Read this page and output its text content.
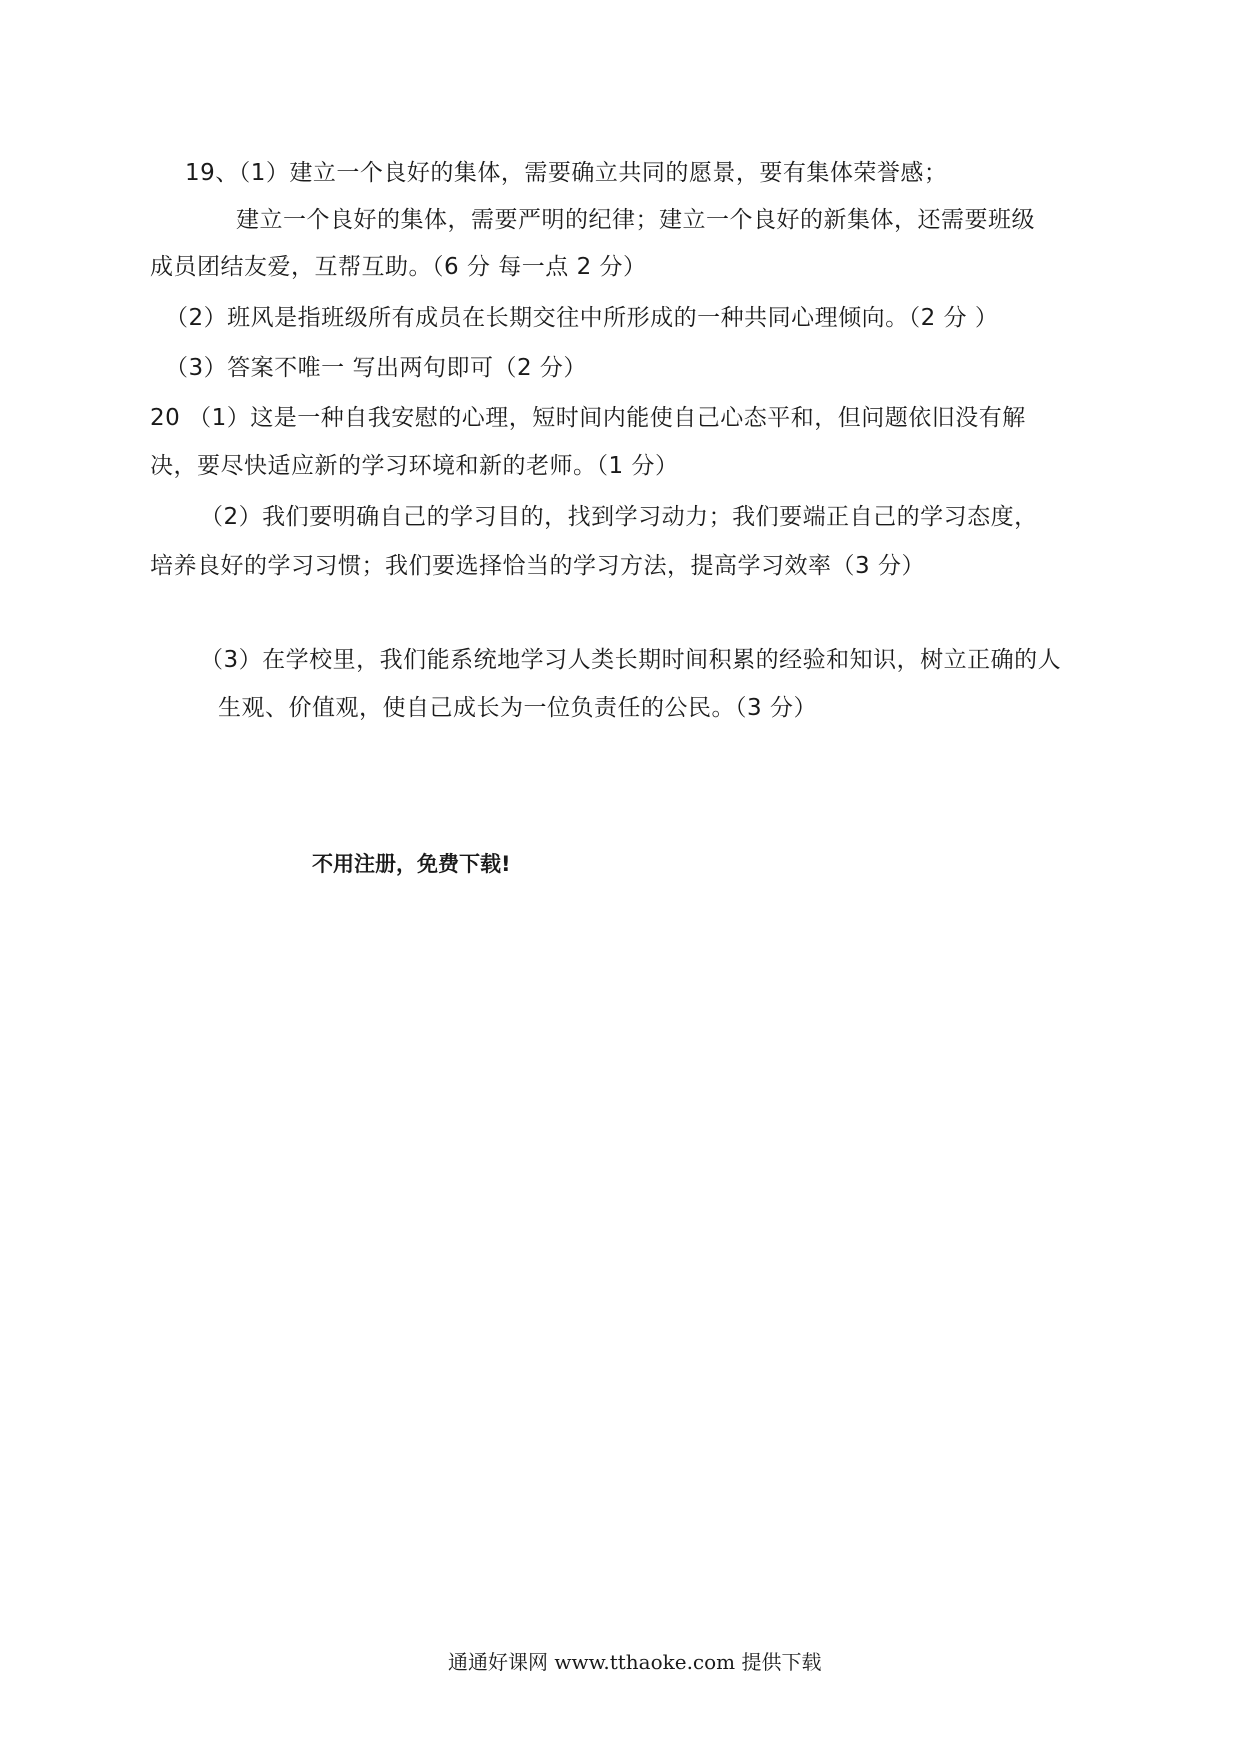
19、（1）建立一个良好的集体，需要确立共同的愿景，要有集体荣誉感；
建立一个良好的集体，需要严明的纪律；建立一个良好的新集体，还需要班级
成员团结友爱，互帮互助。（6 分 每一点 2 分）
（2）班风是指班级所有成员在长期交往中所形成的一种共同心理倾向。（2 分 ）
（3）答案不唯一 写出两句即可（2 分）
20 （1）这是一种自我安慰的心理，短时间内能使自己心态平和，但问题依旧没有解
决，要尽快适应新的学习环境和新的老师。（1 分）
（2）我们要明确自己的学习目的，找到学习动力；我们要端正自己的学习态度，
培养良好的学习习惯；我们要选择恰当的学习方法，提高学习效率（3 分）
（3）在学校里，我们能系统地学习人类长期时间积累的经验和知识，树立正确的人
生观、价值观，使自己成长为一位负责任的公民。（3 分）
不用注册，免费下载!
通通好课网 www.tthaoke.com 提供下载
